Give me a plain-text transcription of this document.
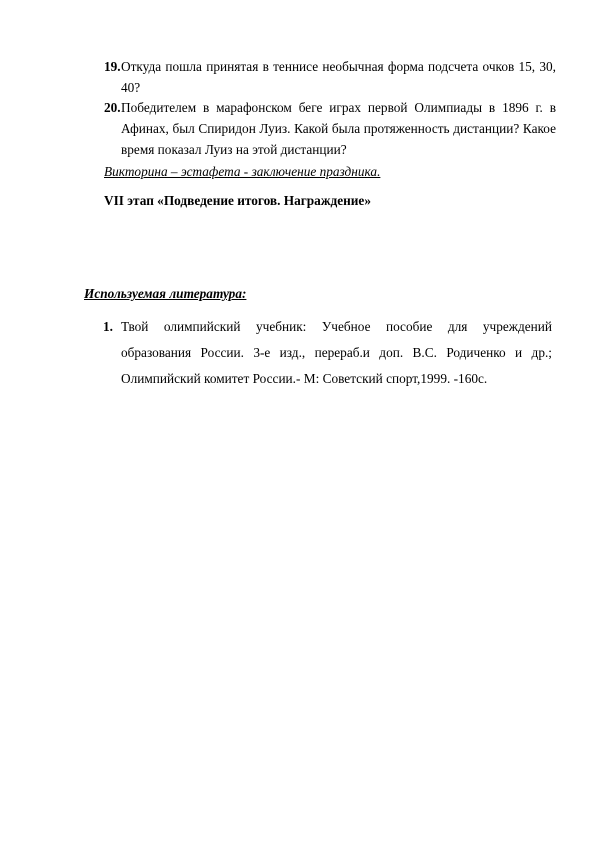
19. Откуда пошла принятая в теннисе необычная форма подсчета очков 15, 30, 40?
20. Победителем в марафонском беге играх первой Олимпиады в 1896 г. в Афинах, был Спиридон Луиз. Какой была протяженность дистанции? Какое время показал Луиз на этой дистанции?
Викторина – эстафета - заключение праздника.
VII этап «Подведение итогов. Награждение»
Используемая литература:
1. Твой олимпийский учебник: Учебное пособие для учреждений образования России. 3-е изд., перераб.и доп. В.С. Родиченко и др.; Олимпийский комитет России.- М: Советский спорт,1999. -160с.
